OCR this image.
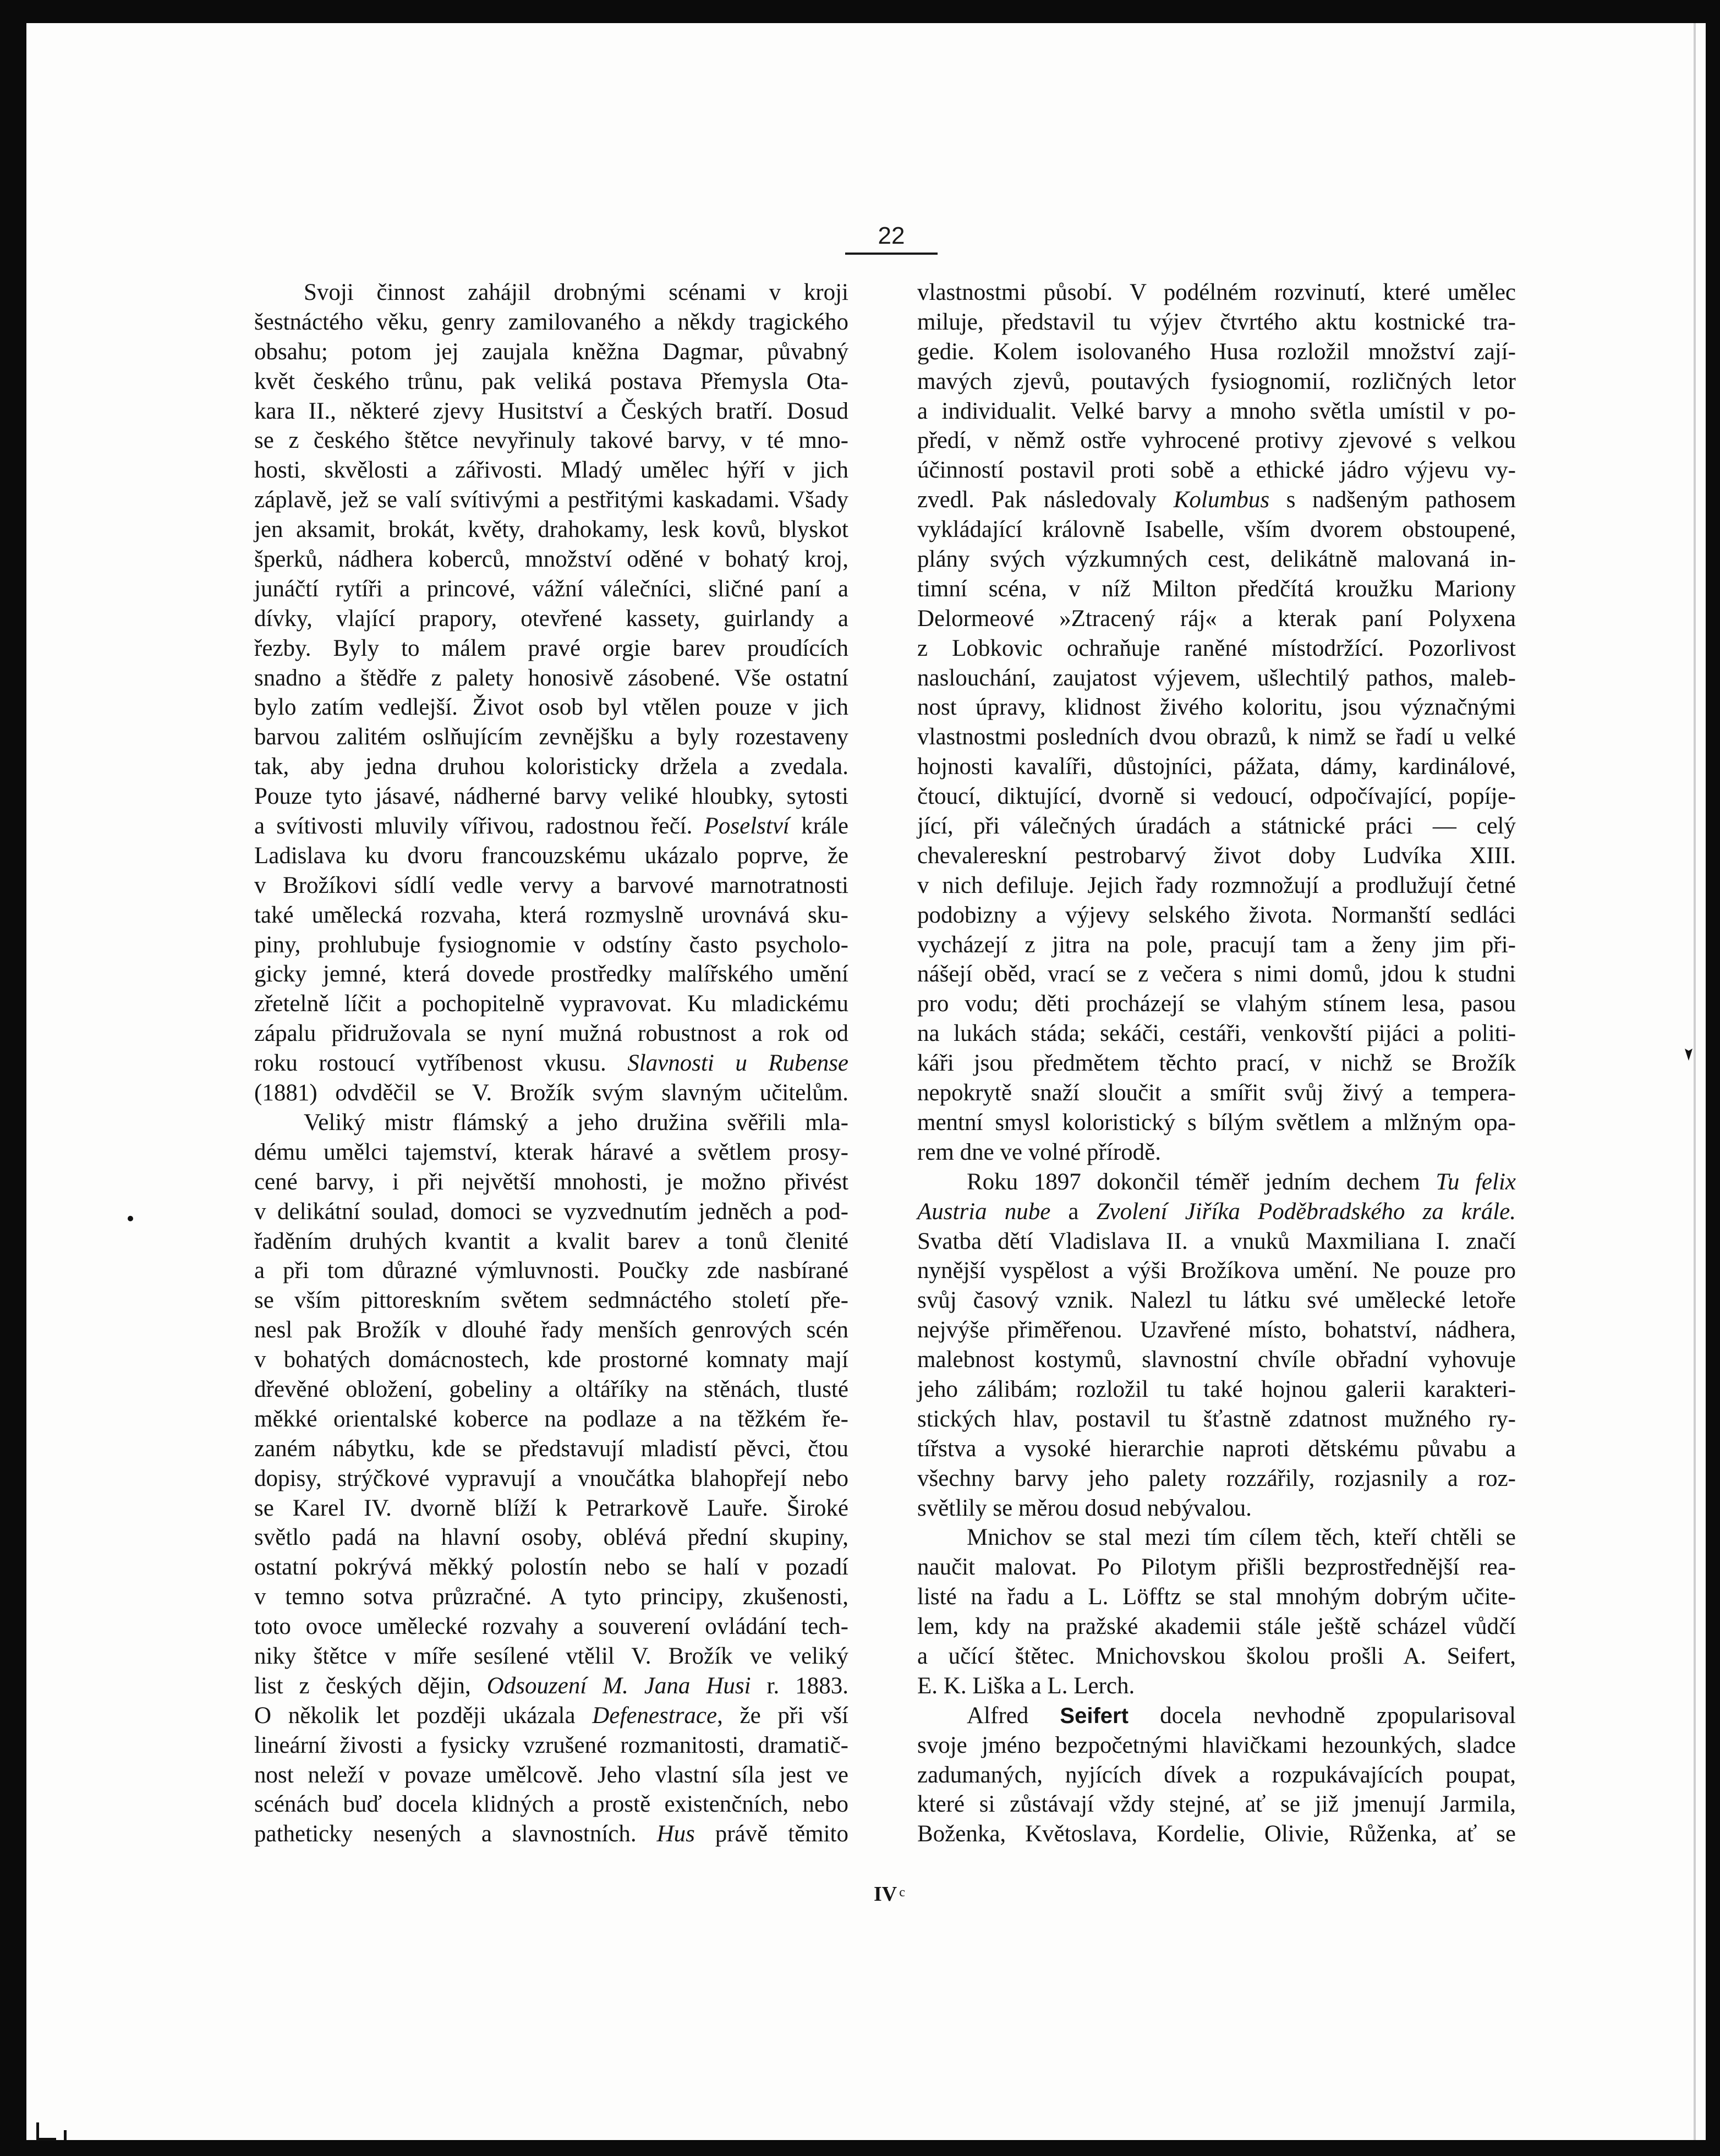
22
Svoji činnost zahájil drobnými scénami v kroji
šestnáctého věku, genry zamilovaného a někdy tragického
obsahu; potom jej zaujala kněžna Dagmar, půvabný
květ českého trůnu, pak veliká postava Přemysla Ota-
kara II., některé zjevy Husitství a Českých bratří. Dosud
se z českého štětce nevyřinuly takové barvy, v té mno-
hosti, skvělosti a zářivosti. Mladý umělec hýří v jich
záplavě, jež se valí svítivými a pestřitými kaskadami. Všady
jen aksamit, brokát, květy, drahokamy, lesk kovů, blyskot
šperků, nádhera koberců, množství oděné v bohatý kroj,
junáčtí rytíři a princové, vážní válečníci, sličné paní a
dívky, vlající prapory, otevřené kassety, guirlandy a
řezby. Byly to málem pravé orgie barev proudících
snadno a štědře z palety honosivě zásobené. Vše ostatní
bylo zatím vedlejší. Život osob byl vtělen pouze v jich
barvou zalitém oslňujícím zevnějšku a byly rozestaveny
tak, aby jedna druhou koloristicky držela a zvedala.
Pouze tyto jásavé, nádherné barvy veliké hloubky, sytosti
a svítivosti mluvily vířivou, radostnou řečí. Poselství krále
Ladislava ku dvoru francouzskému ukázalo poprve, že
v Brožíkovi sídlí vedle vervy a barvové marnotratnosti
také umělecká rozvaha, která rozmyslně urovnává sku-
piny, prohlubuje fysiognomie v odstíny často psycholo-
gicky jemné, která dovede prostředky malířského umění
zřetelně líčit a pochopitelně vypravovat. Ku mladickému
zápalu přidružovala se nyní mužná robustnost a rok od
roku rostoucí vytříbenost vkusu. Slavnosti u Rubense
(1881) odvděčil se V. Brožík svým slavným učitelům.
Veliký mistr flámský a jeho družina svěřili mla-
dému umělci tajemství, kterak háravé a světlem prosy-
cené barvy, i při největší mnohosti, je možno přivést
v delikátní soulad, domoci se vyzvednutím jedněch a pod-
řaděním druhých kvantit a kvalit barev a tonů členité
a při tom důrazné výmluvnosti. Poučky zde nasbírané
se vším pittoreskním světem sedmnáctého století pře-
nesl pak Brožík v dlouhé řady menších genrových scén
v bohatých domácnostech, kde prostorné komnaty mají
dřevěné obložení, gobeliny a oltáříky na stěnách, tlusté
měkké orientalské koberce na podlaze a na těžkém ře-
zaném nábytku, kde se představují mladistí pěvci, čtou
dopisy, strýčkové vypravují a vnoučátka blahopřejí nebo
se Karel IV. dvorně blíží k Petrarkově Lauře. Široké
světlo padá na hlavní osoby, oblévá přední skupiny,
ostatní pokrývá měkký polostín nebo se halí v pozadí
v temno sotva průzračné. A tyto principy, zkušenosti,
toto ovoce umělecké rozvahy a souverení ovládání tech-
niky štětce v míře sesílené vtělil V. Brožík ve veliký
list z českých dějin, Odsouzení M. Jana Husi r. 1883.
O několik let později ukázala Defenestrace, že při vší
lineární živosti a fysicky vzrušené rozmanitosti, dramatič-
nost neleží v povaze umělcově. Jeho vlastní síla jest ve
scénách buď docela klidných a prostě existenčních, nebo
patheticky nesených a slavnostních. Hus právě těmito
vlastnostmi působí. V podélném rozvinutí, které umělec
miluje, představil tu výjev čtvrtého aktu kostnické tra-
gedie. Kolem isolovaného Husa rozložil množství zají-
mavých zjevů, poutavých fysiognomií, rozličných letor
a individualit. Velké barvy a mnoho světla umístil v po-
předí, v němž ostře vyhrocené protivy zjevové s velkou
účinností postavil proti sobě a ethické jádro výjevu vy-
zvedl. Pak následovaly Kolumbus s nadšeným pathosem
vykládající královně Isabelle, vším dvorem obstoupené,
plány svých výzkumných cest, delikátně malovaná in-
timní scéna, v níž Milton předčítá kroužku Mariony
Delormeové »Ztracený ráj« a kterak paní Polyxena
z Lobkovic ochraňuje raněné místodržící. Pozorlivost
naslouchání, zaujatost výjevem, ušlechtilý pathos, maleb-
nost úpravy, klidnost živého koloritu, jsou význačnými
vlastnostmi posledních dvou obrazů, k nimž se řadí u velké
hojnosti kavalíři, důstojníci, pážata, dámy, kardinálové,
čtoucí, diktující, dvorně si vedoucí, odpočívající, popíje-
jící, při válečných úradách a státnické práci — celý
chevalereskní pestrobarvý život doby Ludvíka XIII.
v nich defiluje. Jejich řady rozmnožují a prodlužují četné
podobizny a výjevy selského života. Normanští sedláci
vycházejí z jitra na pole, pracují tam a ženy jim při-
nášejí oběd, vrací se z večera s nimi domů, jdou k studni
pro vodu; děti procházejí se vlahým stínem lesa, pasou
na lukách stáda; sekáči, cestáři, venkovští pijáci a politi-
káři jsou předmětem těchto prací, v nichž se Brožík
nepokrytě snaží sloučit a smířit svůj živý a tempera-
mentní smysl koloristický s bílým světlem a mlžným opa-
rem dne ve volné přírodě.
Roku 1897 dokončil téměř jedním dechem Tu felix
Austria nube a Zvolení Jiříka Poděbradského za krále.
Svatba dětí Vladislava II. a vnuků Maxmiliana I. značí
nynější vyspělost a výši Brožíkova umění. Ne pouze pro
svůj časový vznik. Nalezl tu látku své umělecké letoře
nejvýše přiměřenou. Uzavřené místo, bohatství, nádhera,
malebnost kostymů, slavnostní chvíle obřadní vyhovuje
jeho zálibám; rozložil tu také hojnou galerii karakteri-
stických hlav, postavil tu šťastně zdatnost mužného ry-
tířstva a vysoké hierarchie naproti dětskému půvabu a
všechny barvy jeho palety rozzářily, rozjasnily a roz-
světlily se měrou dosud nebývalou.
Mnichov se stal mezi tím cílem těch, kteří chtěli se
naučit malovat. Po Pilotym přišli bezprostřednější rea-
listé na řadu a L. Löfftz se stal mnohým dobrým učite-
lem, kdy na pražské akademii stále ještě scházel vůdčí
a učící štětec. Mnichovskou školou prošli A. Seifert,
E. K. Liška a L. Lerch.
Alfred Seifert docela nevhodně zpopularisoval
svoje jméno bezpočetnými hlavičkami hezounkých, sladce
zadumaných, nyjících dívek a rozpukávajících poupat,
které si zůstávají vždy stejné, ať se již jmenují Jarmila,
Boženka, Květoslava, Kordelie, Olivie, Růženka, ať se
IV $^c$
